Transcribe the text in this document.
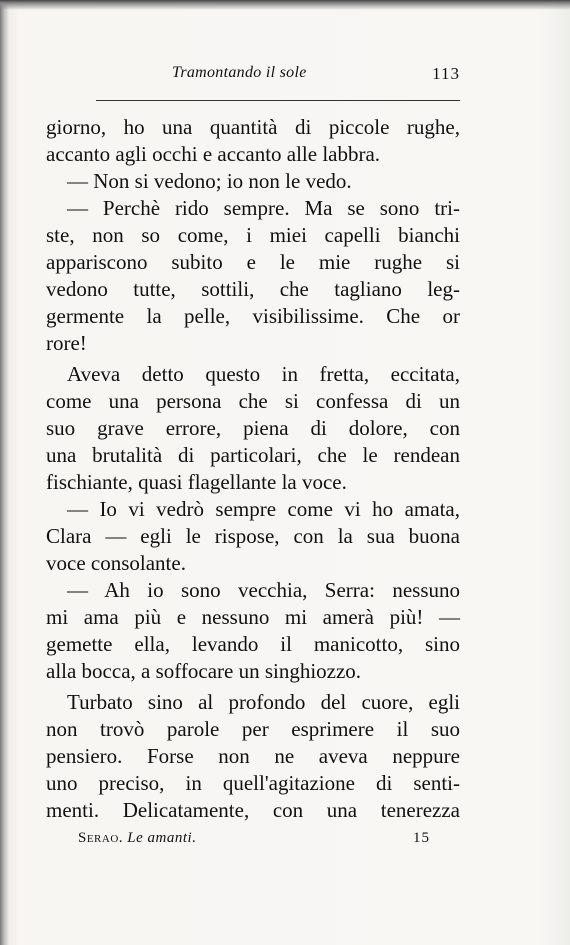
Tramontando il sole	113
giorno, ho una quantità di piccole rughe,
accanto agli occhi e accanto alle labbra.
— Non si vedono; io non le vedo.
— Perchè rido sempre. Ma se sono tri-
ste, non so come, i miei capelli bianchi
appariscono subito e le mie rughe si
vedono tutte, sottili, che tagliano leg-
germente la pelle, visibilissime. Che or
rore!
Aveva detto questo in fretta, eccitata,
come una persona che si confessa di un
suo grave errore, piena di dolore, con
una brutalità di particolari, che le rendean
fischiante, quasi flagellante la voce.
— Io vi vedrò sempre come vi ho amata,
Clara — egli le rispose, con la sua buona
voce consolante.
— Ah io sono vecchia, Serra: nessuno
mi ama più e nessuno mi amerà più! —
gemette ella, levando il manicotto, sino
alla bocca, a soffocare un singhiozzo.
Turbato sino al profondo del cuore, egli
non trovò parole per esprimere il suo
pensiero. Forse non ne aveva neppure
uno preciso, in quell'agitazione di senti-
menti. Delicatamente, con una tenerezza
Serao. Le amanti.	15
